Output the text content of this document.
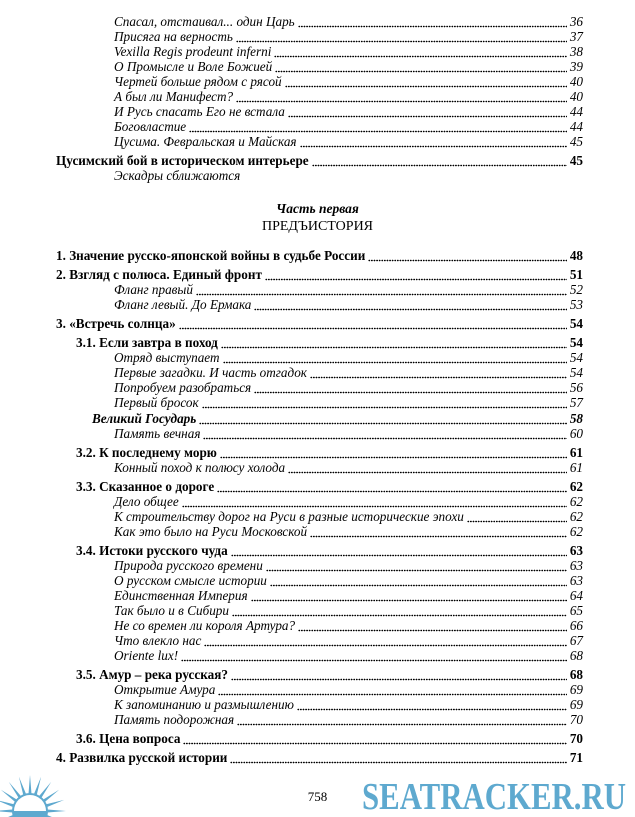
Спасал, отстаивал... один Царь	36
Присяга на верность	37
Vexilla Regis prodeunt inferni	38
О Промысле и Воле Божией	39
Чертей больше рядом с рясой	40
А был ли Манифест?	40
И Русь спасать Его не встала	44
Боговластие	44
Цусима. Февральская и Майская	45
Цусимский бой в историческом интерьере	45
Эскадры сближаются
Часть первая
ПРЕДЪИСТОРИЯ
1. Значение русско-японской войны в судьбе России	48
2. Взгляд с полюса. Единый фронт	51
Фланг правый	52
Фланг левый. До Ермака	53
3. «Встречь солнца»	54
3.1. Если завтра в поход	54
Отряд выступает	54
Первые загадки. И часть отгадок	54
Попробуем разобраться	56
Первый бросок	57
Великий Государь	58
Память вечная	60
3.2. К последнему морю	61
Конный поход к полюсу холода	61
3.3. Сказанное о дороге	62
Дело общее	62
К строительству дорог на Руси в разные исторические эпохи	62
Как это было на Руси Московской	62
3.4. Истоки русского чуда	63
Природа русского времени	63
О русском смысле истории	63
Единственная Империя	64
Так было и в Сибири	65
Не со времен ли короля Артура?	66
Что влекло нас	67
Oriente lux!	68
3.5. Амур – река русская?	68
Открытие Амура	69
К запоминанию и размышлению	69
Память подорожная	70
3.6. Цена вопроса	70
4. Развилка русской истории	71
758 SEATRACKER.RU
